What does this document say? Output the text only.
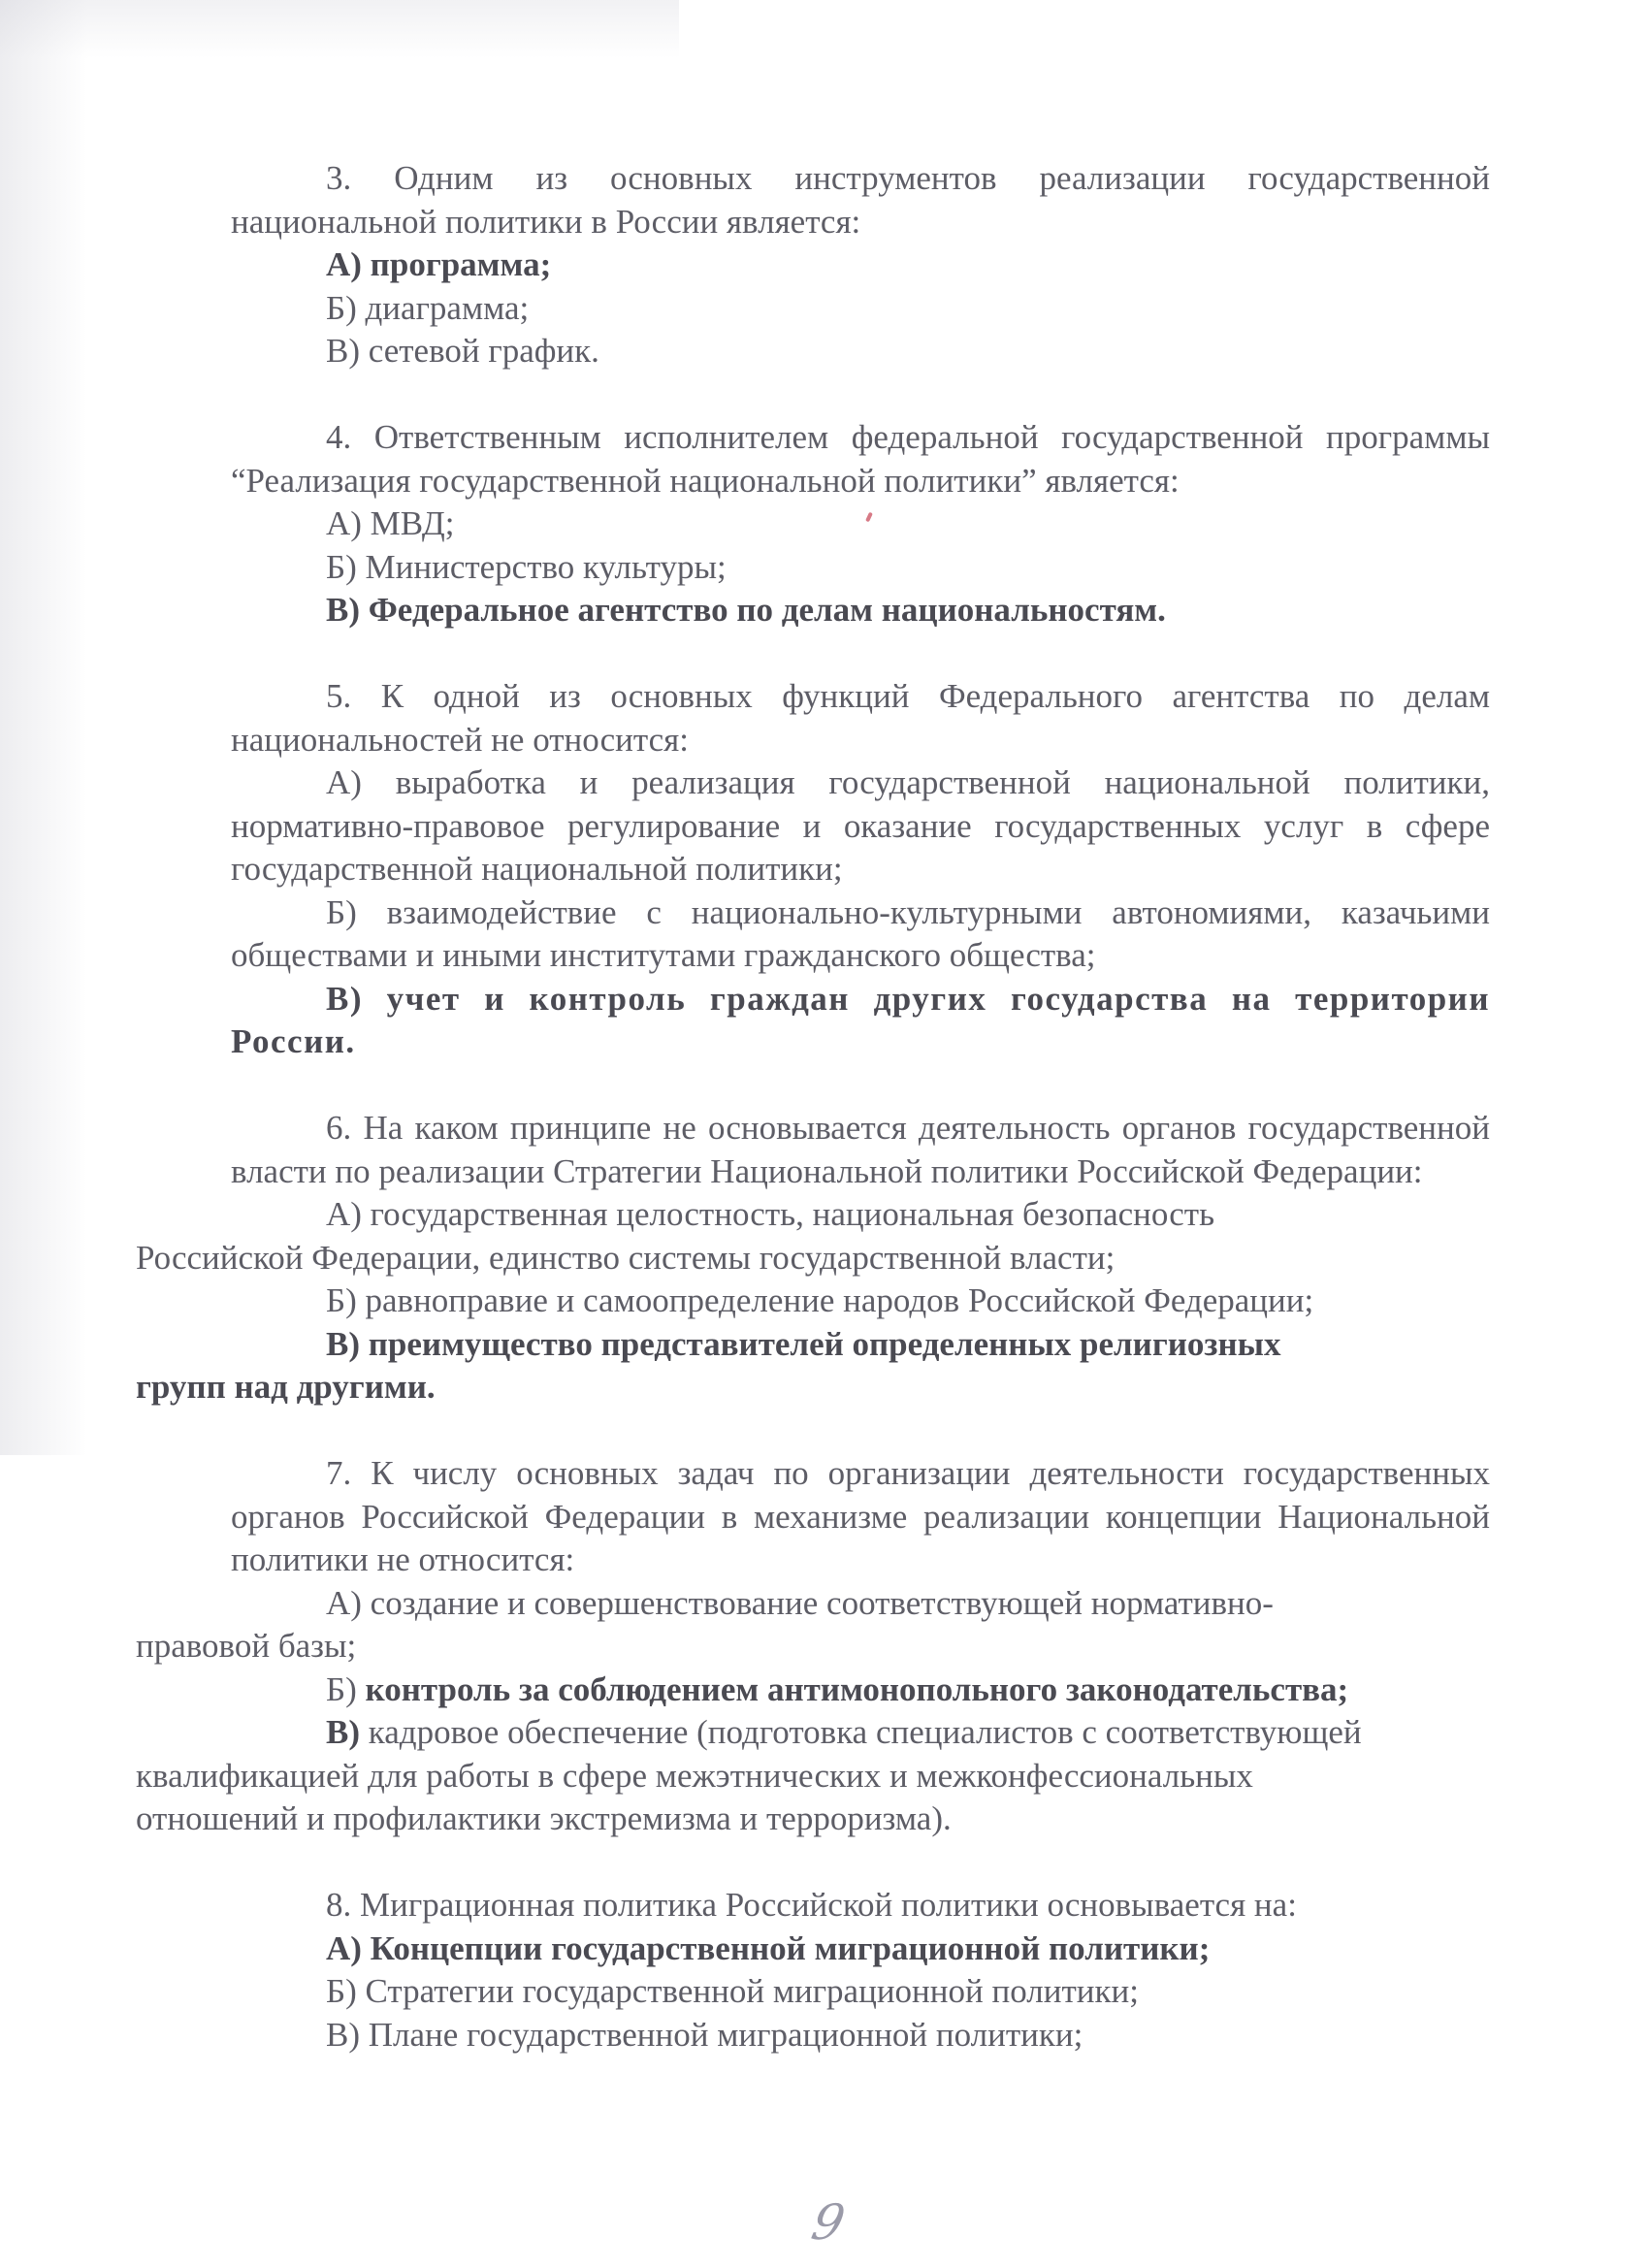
3. Одним из основных инструментов реализации государственной национальной политики в России является:

А) программа;

Б) диаграмма;

В) сетевой график.

4. Ответственным исполнителем федеральной государственной программы “Реализация государственной национальной политики” является:

А) МВД;

Б) Министерство культуры;

В) Федеральное агентство по делам национальностям.

5. К одной из основных функций Федерального агентства по делам национальностей не относится:

А) выработка и реализация государственной национальной политики, нормативно-правовое регулирование и оказание государственных услуг в сфере государственной национальной политики;

Б) взаимодействие с национально-культурными автономиями, казачьими обществами и иными институтами гражданского общества;

В) учет и контроль граждан других государства на территории России.

6. На каком принципе не основывается деятельность органов государственной власти по реализации Стратегии Национальной политики Российской Федерации:

А) государственная целостность, национальная безопасность
Российской Федерации, единство системы государственной власти;

Б) равноправие и самоопределение народов Российской Федерации;

В) преимущество представителей определенных религиозных
групп над другими.

7. К числу основных задач по организации деятельности государственных органов Российской Федерации в механизме реализации концепции Национальной политики не относится:

А) создание и совершенствование соответствующей нормативно-
правовой базы;

Б) контроль за соблюдением антимонопольного законодательства;

В) кадровое обеспечение (подготовка специалистов с соответствующей
квалификацией для работы в сфере межэтнических и межконфессиональных
отношений и профилактики экстремизма и терроризма).

8. Миграционная политика Российской политики основывается на:

А) Концепции государственной миграционной политики;

Б) Стратегии государственной миграционной политики;

В) Плане государственной миграционной политики;

9
